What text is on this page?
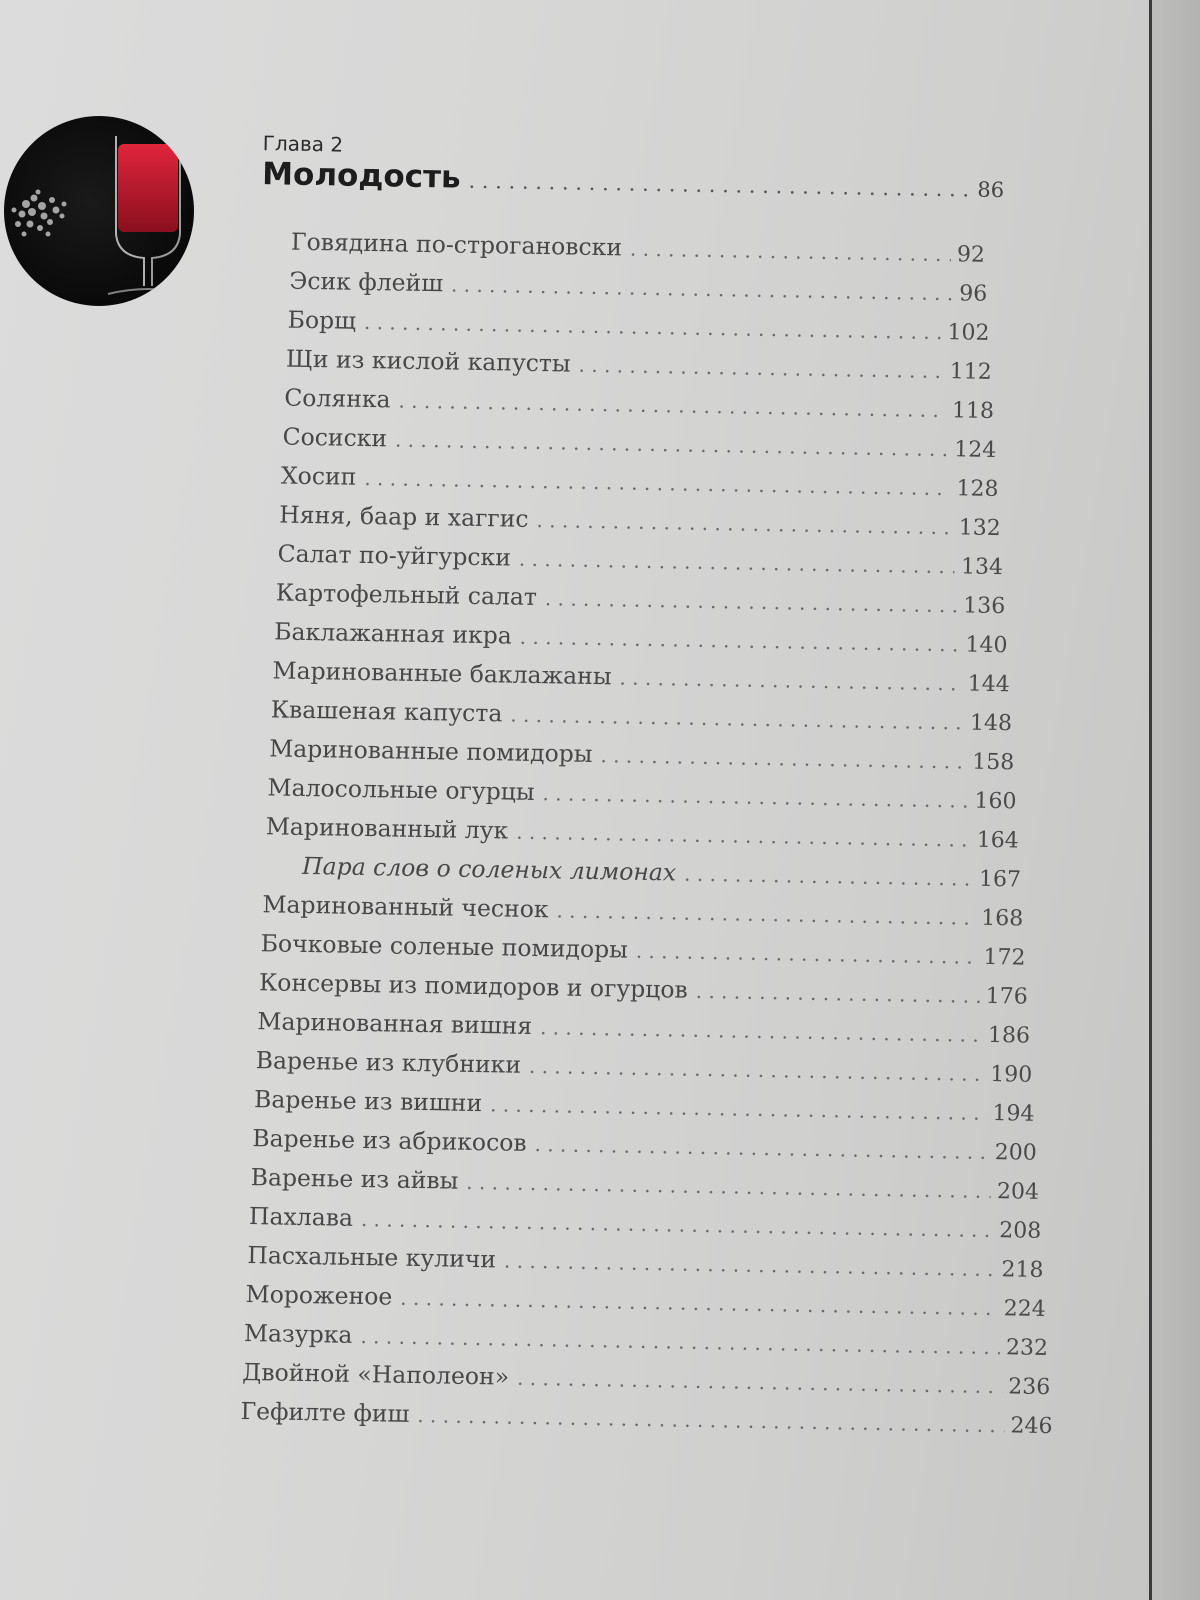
Глава 2
Молодость . . .	86
Говядина по-строгановски . . .	92
Эсик флейш . . .	96
Борщ . . .	102
Щи из кислой капусты . . .	112
Солянка . . .	118
Сосиски . . .	124
Хосип . . .	128
Няня, баар и хаггис . . .	132
Салат по-уйгурски . . .	134
Картофельный салат . . .	136
Баклажанная икра . . .	140
Маринованные баклажаны . . .	144
Квашеная капуста . . .	148
Маринованные помидоры . . .	158
Малосольные огурцы . . .	160
Маринованный лук . . .	164
Пара слов о соленых лимонах . . .	167
Маринованный чеснок . . .	168
Бочковые соленые помидоры . . .	172
Консервы из помидоров и огурцов . . .	176
Маринованная вишня . . .	186
Варенье из клубники . . .	190
Варенье из вишни . . .	194
Варенье из абрикосов . . .	200
Варенье из айвы . . .	204
Пахлава . . .	208
Пасхальные куличи . . .	218
Мороженое . . .	224
Мазурка . . .	232
Двойной «Наполеон» . . .	236
Гефилте фиш . . .	246
